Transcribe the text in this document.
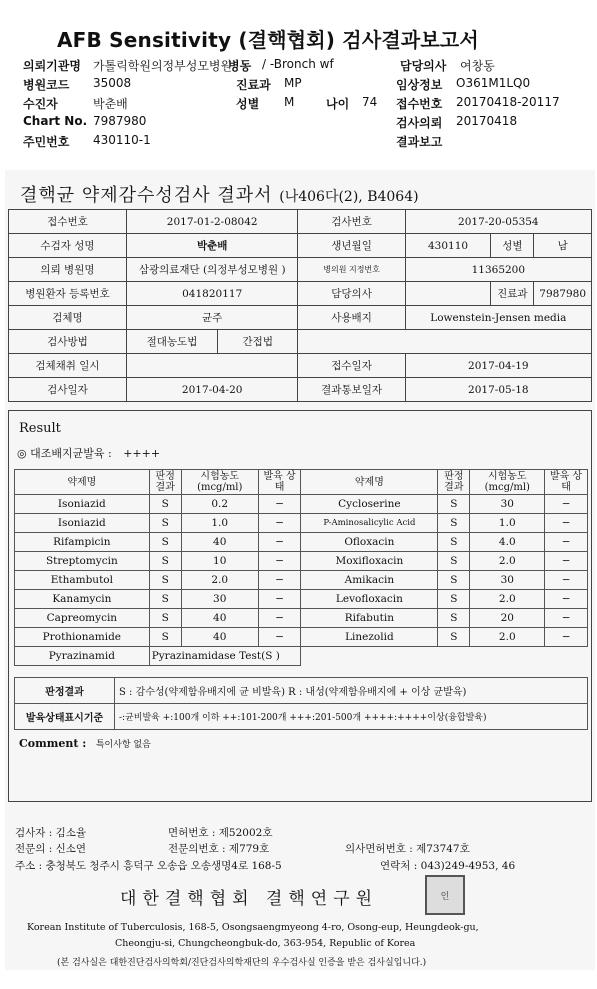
AFB Sensitivity (결핵협회) 검사결과보고서
의뢰기관명	가톨릭학원의정부성모병원
병동 / -Bronch wf	담당의사	여창동
병원코드	35008	진료과	MP	임상정보	O361M1LQ0
수진자	박춘배	성별	M	나이	74	접수번호	20170418-20117
Chart No. 7987980	검사의뢰	20170418
주민번호	430110-1	결과보고
결핵균 약제감수성검사 결과서 (나406다(2), B4064)
접수번호	2017-01-2-08042		검사번호	2017-20-05354		
수검자 성명	박춘배		생년월일	430110	성별	남
의뢰 병원명	삼광의료재단 (의정부성모병원 )		병의원 지정번호	11365200		
병원환자 등록번호	041820117		담당의사		진료과	7987980
검체명	균주		사용배지	Lowenstein-Jensen media		
검사방법	절대농도법	간접법				
검체채취 일시			접수일자	2017-04-19		
검사일자	2017-04-20		결과통보일자	2017-05-18		
Result
◎ 대조배지균발육 : ++++
약제명	판정 결과	시험농도 (mcg/ml)	발육 상태	약제명	판정 결과	시험농도 (mcg/ml)	발육 상태
Isoniazid	S	0.2	−	Cycloserine	S	30	−
Isoniazid	S	1.0	−	P-Aminosalicylic Acid	S	1.0	−
Rifampicin	S	40	−	Ofloxacin	S	4.0	−
Streptomycin	S	10	−	Moxifloxacin	S	2.0	−
Ethambutol	S	2.0	−	Amikacin	S	30	−
Kanamycin	S	30	−	Levofloxacin	S	2.0	−
Capreomycin	S	40	−	Rifabutin	S	20	−
Prothionamide	S	40	−	Linezolid	S	2.0	−
Pyrazinamid	Pyrazinamidase Test(S )						
판정결과	S : 감수성(약제함유배지에 균 비발육) R : 내성(약제함유배지에 + 이상 균발육)
발육상태표시기준	-:균비발육 +:100개 이하 ++:101-200개 +++:201-500개 ++++:++++이상(융합발육)
Comment : 특이사항 없음
검사자 : 김소율	면허번호 : 제52002호
전문의 : 신소연	전문의번호 : 제779호	의사면허번호 : 제73747호
주소 : 충청북도 청주시 흥덕구 오송읍 오송생명4로 168-5	연락처 : 043)249-4953, 46
대한결핵협회 결핵연구원	인
Korean Institute of Tuberculosis, 168-5, Osongsaengmyeong 4-ro, Osong-eup, Heungdeok-gu,
Cheongju-si, Chungcheongbuk-do, 363-954, Republic of Korea
(본 검사실은 대한진단검사의학회/진단검사의학재단의 우수검사실 인증을 받은 검사실입니다.)
